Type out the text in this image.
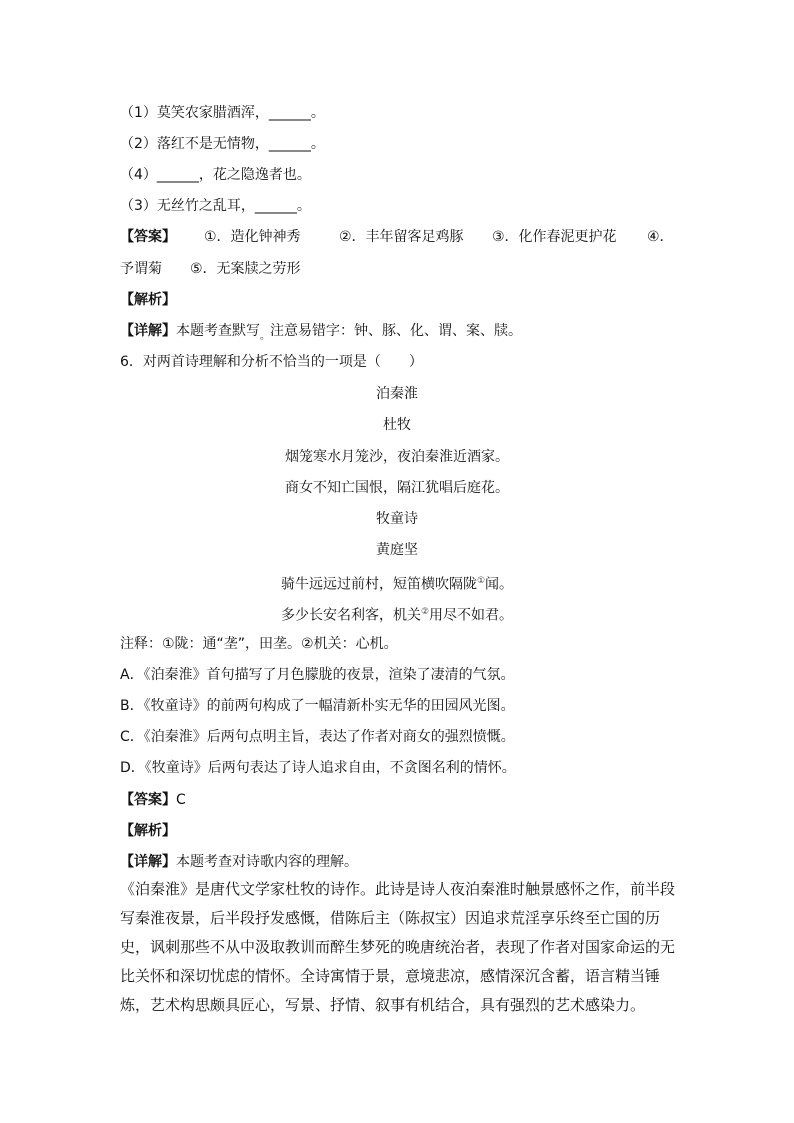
（1）莫笑农家腊酒浑，______。
（2）落红不是无情物，______。
（4）______，花之隐逸者也。
（3）无丝竹之乱耳，______。
【答案】 ①．造化钟神秀	②．丰年留客足鸡豚 ③．化作春泥更护花 ④．
予谓菊 ⑤．无案牍之劳形
【解析】
【详解】本题考查默写$_。$注意易错字：钟、豚、化、谓、案、牍。
6．对两首诗理解和分析不恰当的一项是（　　）
泊秦淮
杜牧
烟笼寒水月笼沙，夜泊秦淮近酒家。
商女不知亡国恨，隔江犹唱后庭花。
牧童诗
黄庭坚
骑牛远远过前村，短笛横吹隔陇①闻。
多少长安名利客，机关②用尽不如君。
注释：①陇：通“垄”，田垄。②机关：心机。
A．《泊秦淮》首句描写了月色朦胧的夜景，渲染了凄清的气氛。
B．《牧童诗》的前两句构成了一幅清新朴实无华的田园风光图。
C．《泊秦淮》后两句点明主旨，表达了作者对商女的强烈愤慨。
D．《牧童诗》后两句表达了诗人追求自由，不贪图名利的情怀。
【答案】C
【解析】
【详解】本题考查对诗歌内容的理解。
《泊秦淮》是唐代文学家杜牧的诗作。此诗是诗人夜泊秦淮时触景感怀之作，前半段写秦淮夜景，后半段抒发感慨，借陈后主（陈叔宝）因追求荒淫享乐终至亡国的历史，讽刺那些不从中汲取教训而醉生梦死的晚唐统治者，表现了作者对国家命运的无比关怀和深切忧虑的情怀。全诗寓情于景，意境悲凉，感情深沉含蓄，语言精当锤炼，艺术构思颇具匠心，写景、抒情、叙事有机结合，具有强烈的艺术感染力。
